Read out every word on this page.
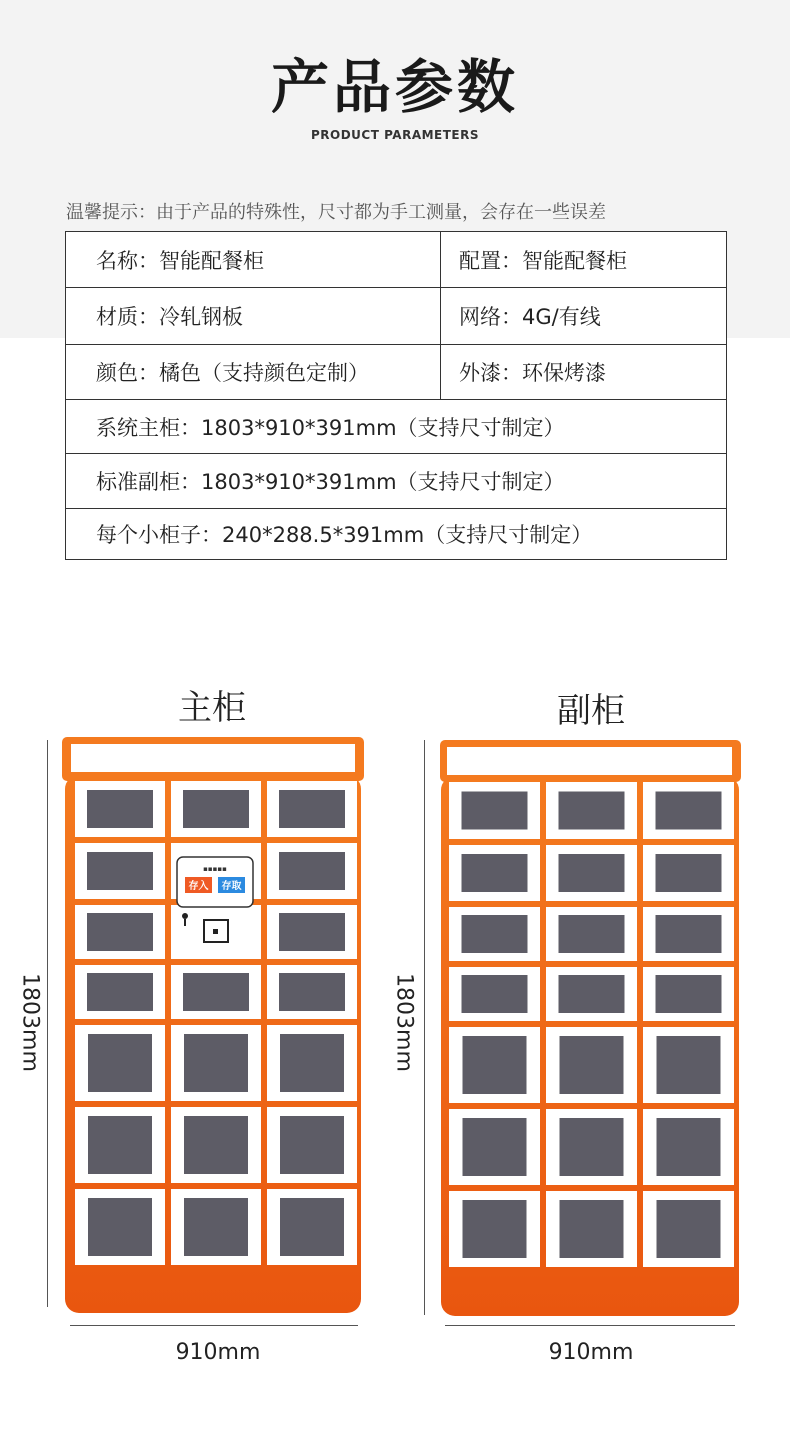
产品参数
PRODUCT PARAMETERS
温馨提示：由于产品的特殊性，尺寸都为手工测量，会存在一些误差
名称：智能配餐柜	配置：智能配餐柜
材质：冷轧钢板	网络：4G/有线
颜色：橘色（支持颜色定制）	外漆：环保烤漆
系统主柜：1803*910*391mm（支持尺寸制定）	
标准副柜：1803*910*391mm（支持尺寸制定）	
每个小柜子：240*288.5*391mm（支持尺寸制定）	
主柜
1803mm
910mm
▪▪▪▪▪
存入 存取
副柜
1803mm
910mm
